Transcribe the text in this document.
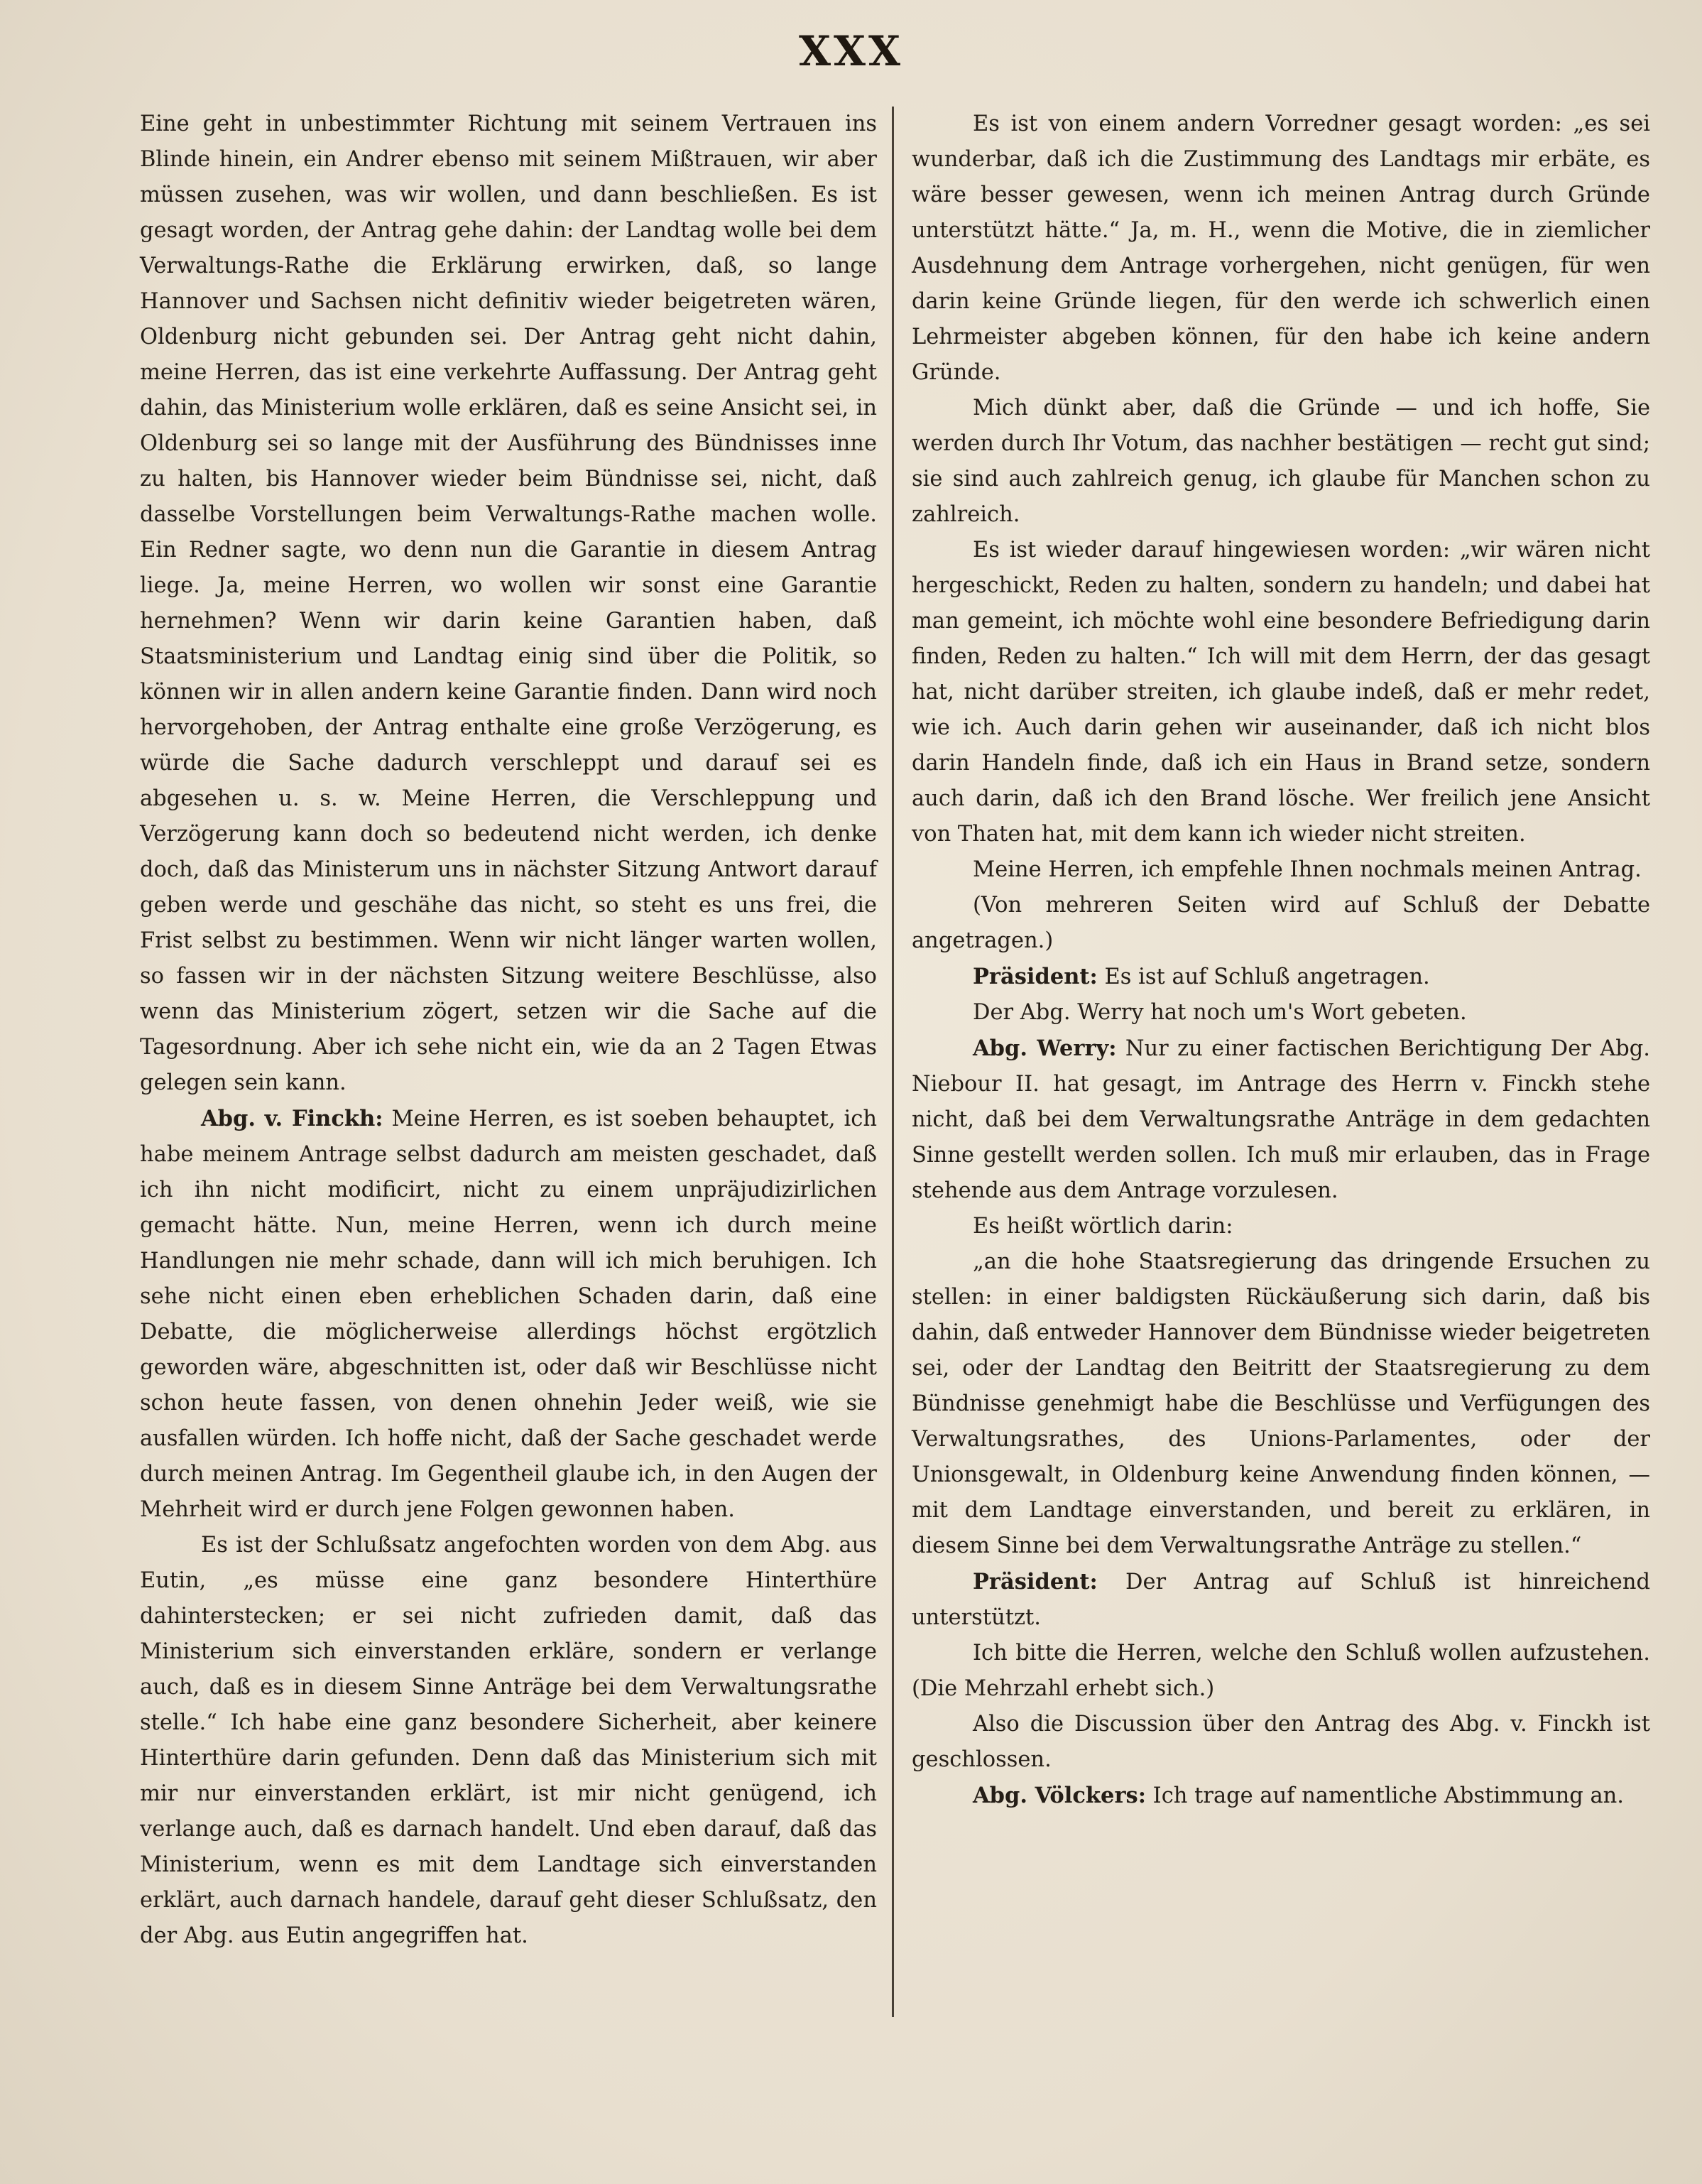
XXX

Eine geht in unbestimmter Richtung mit seinem Vertrauen ins Blinde hinein, ein Andrer ebenso mit seinem Mißtrauen, wir aber müssen zusehen, was wir wollen, und dann beschließen. Es ist gesagt worden, der Antrag gehe dahin: der Landtag wolle bei dem Verwaltungs-Rathe die Erklärung erwirken, daß, so lange Hannover und Sachsen nicht definitiv wieder beigetreten wären, Oldenburg nicht gebunden sei. Der Antrag geht nicht dahin, meine Herren, das ist eine verkehrte Auffassung. Der Antrag geht dahin, das Ministerium wolle erklären, daß es seine Ansicht sei, in Oldenburg sei so lange mit der Ausführung des Bündnisses inne zu halten, bis Hannover wieder beim Bündnisse sei, nicht, daß dasselbe Vorstellungen beim Verwaltungs-Rathe machen wolle. Ein Redner sagte, wo denn nun die Garantie in diesem Antrag liege. Ja, meine Herren, wo wollen wir sonst eine Garantie hernehmen? Wenn wir darin keine Garantien haben, daß Staatsministerium und Landtag einig sind über die Politik, so können wir in allen andern keine Garantie finden. Dann wird noch hervorgehoben, der Antrag enthalte eine große Verzögerung, es würde die Sache dadurch verschleppt und darauf sei es abgesehen u. s. w. Meine Herren, die Verschleppung und Verzögerung kann doch so bedeutend nicht werden, ich denke doch, daß das Ministerum uns in nächster Sitzung Antwort darauf geben werde und geschähe das nicht, so steht es uns frei, die Frist selbst zu bestimmen. Wenn wir nicht länger warten wollen, so fassen wir in der nächsten Sitzung weitere Beschlüsse, also wenn das Ministerium zögert, setzen wir die Sache auf die Tagesordnung. Aber ich sehe nicht ein, wie da an 2 Tagen Etwas gelegen sein kann.

Abg. v. Finckh: Meine Herren, es ist soeben behauptet, ich habe meinem Antrage selbst dadurch am meisten geschadet, daß ich ihn nicht modificirt, nicht zu einem unpräjudizirlichen gemacht hätte. Nun, meine Herren, wenn ich durch meine Handlungen nie mehr schade, dann will ich mich beruhigen. Ich sehe nicht einen eben erheblichen Schaden darin, daß eine Debatte, die möglicherweise allerdings höchst ergötzlich geworden wäre, abgeschnitten ist, oder daß wir Beschlüsse nicht schon heute fassen, von denen ohnehin Jeder weiß, wie sie ausfallen würden. Ich hoffe nicht, daß der Sache geschadet werde durch meinen Antrag. Im Gegentheil glaube ich, in den Augen der Mehrheit wird er durch jene Folgen gewonnen haben.

Es ist der Schlußsatz angefochten worden von dem Abg. aus Eutin, „es müsse eine ganz besondere Hinterthüre dahinterstecken; er sei nicht zufrieden damit, daß das Ministerium sich einverstanden erkläre, sondern er verlange auch, daß es in diesem Sinne Anträge bei dem Verwaltungsrathe stelle.“ Ich habe eine ganz besondere Sicherheit, aber keinere Hinterthüre darin gefunden. Denn daß das Ministerium sich mit mir nur einverstanden erklärt, ist mir nicht genügend, ich verlange auch, daß es darnach handelt. Und eben darauf, daß das Ministerium, wenn es mit dem Landtage sich einverstanden erklärt, auch darnach handele, darauf geht dieser Schlußsatz, den der Abg. aus Eutin angegriffen hat.

Es ist von einem andern Vorredner gesagt worden: „es sei wunderbar, daß ich die Zustimmung des Landtags mir erbäte, es wäre besser gewesen, wenn ich meinen Antrag durch Gründe unterstützt hätte.“ Ja, m. H., wenn die Motive, die in ziemlicher Ausdehnung dem Antrage vorhergehen, nicht genügen, für wen darin keine Gründe liegen, für den werde ich schwerlich einen Lehrmeister abgeben können, für den habe ich keine andern Gründe.

Mich dünkt aber, daß die Gründe — und ich hoffe, Sie werden durch Ihr Votum, das nachher bestätigen — recht gut sind; sie sind auch zahlreich genug, ich glaube für Manchen schon zu zahlreich.

Es ist wieder darauf hingewiesen worden: „wir wären nicht hergeschickt, Reden zu halten, sondern zu handeln; und dabei hat man gemeint, ich möchte wohl eine besondere Befriedigung darin finden, Reden zu halten.“ Ich will mit dem Herrn, der das gesagt hat, nicht darüber streiten, ich glaube indeß, daß er mehr redet, wie ich. Auch darin gehen wir auseinander, daß ich nicht blos darin Handeln finde, daß ich ein Haus in Brand setze, sondern auch darin, daß ich den Brand lösche. Wer freilich jene Ansicht von Thaten hat, mit dem kann ich wieder nicht streiten.

Meine Herren, ich empfehle Ihnen nochmals meinen Antrag.

(Von mehreren Seiten wird auf Schluß der Debatte angetragen.)

Präsident: Es ist auf Schluß angetragen.

Der Abg. Werry hat noch um's Wort gebeten.

Abg. Werry: Nur zu einer factischen Berichtigung Der Abg. Niebour II. hat gesagt, im Antrage des Herrn v. Finckh stehe nicht, daß bei dem Verwaltungsrathe Anträge in dem gedachten Sinne gestellt werden sollen. Ich muß mir erlauben, das in Frage stehende aus dem Antrage vorzulesen.

Es heißt wörtlich darin:

„an die hohe Staatsregierung das dringende Ersuchen zu stellen: in einer baldigsten Rückäußerung sich darin, daß bis dahin, daß entweder Hannover dem Bündnisse wieder beigetreten sei, oder der Landtag den Beitritt der Staatsregierung zu dem Bündnisse genehmigt habe die Beschlüsse und Verfügungen des Verwaltungsrathes, des Unions-Parlamentes, oder der Unionsgewalt, in Oldenburg keine Anwendung finden können, — mit dem Landtage einverstanden, und bereit zu erklären, in diesem Sinne bei dem Verwaltungsrathe Anträge zu stellen.“

Präsident: Der Antrag auf Schluß ist hinreichend unterstützt.

Ich bitte die Herren, welche den Schluß wollen aufzustehen. (Die Mehrzahl erhebt sich.)

Also die Discussion über den Antrag des Abg. v. Finckh ist geschlossen.

Abg. Völckers: Ich trage auf namentliche Abstimmung an.
